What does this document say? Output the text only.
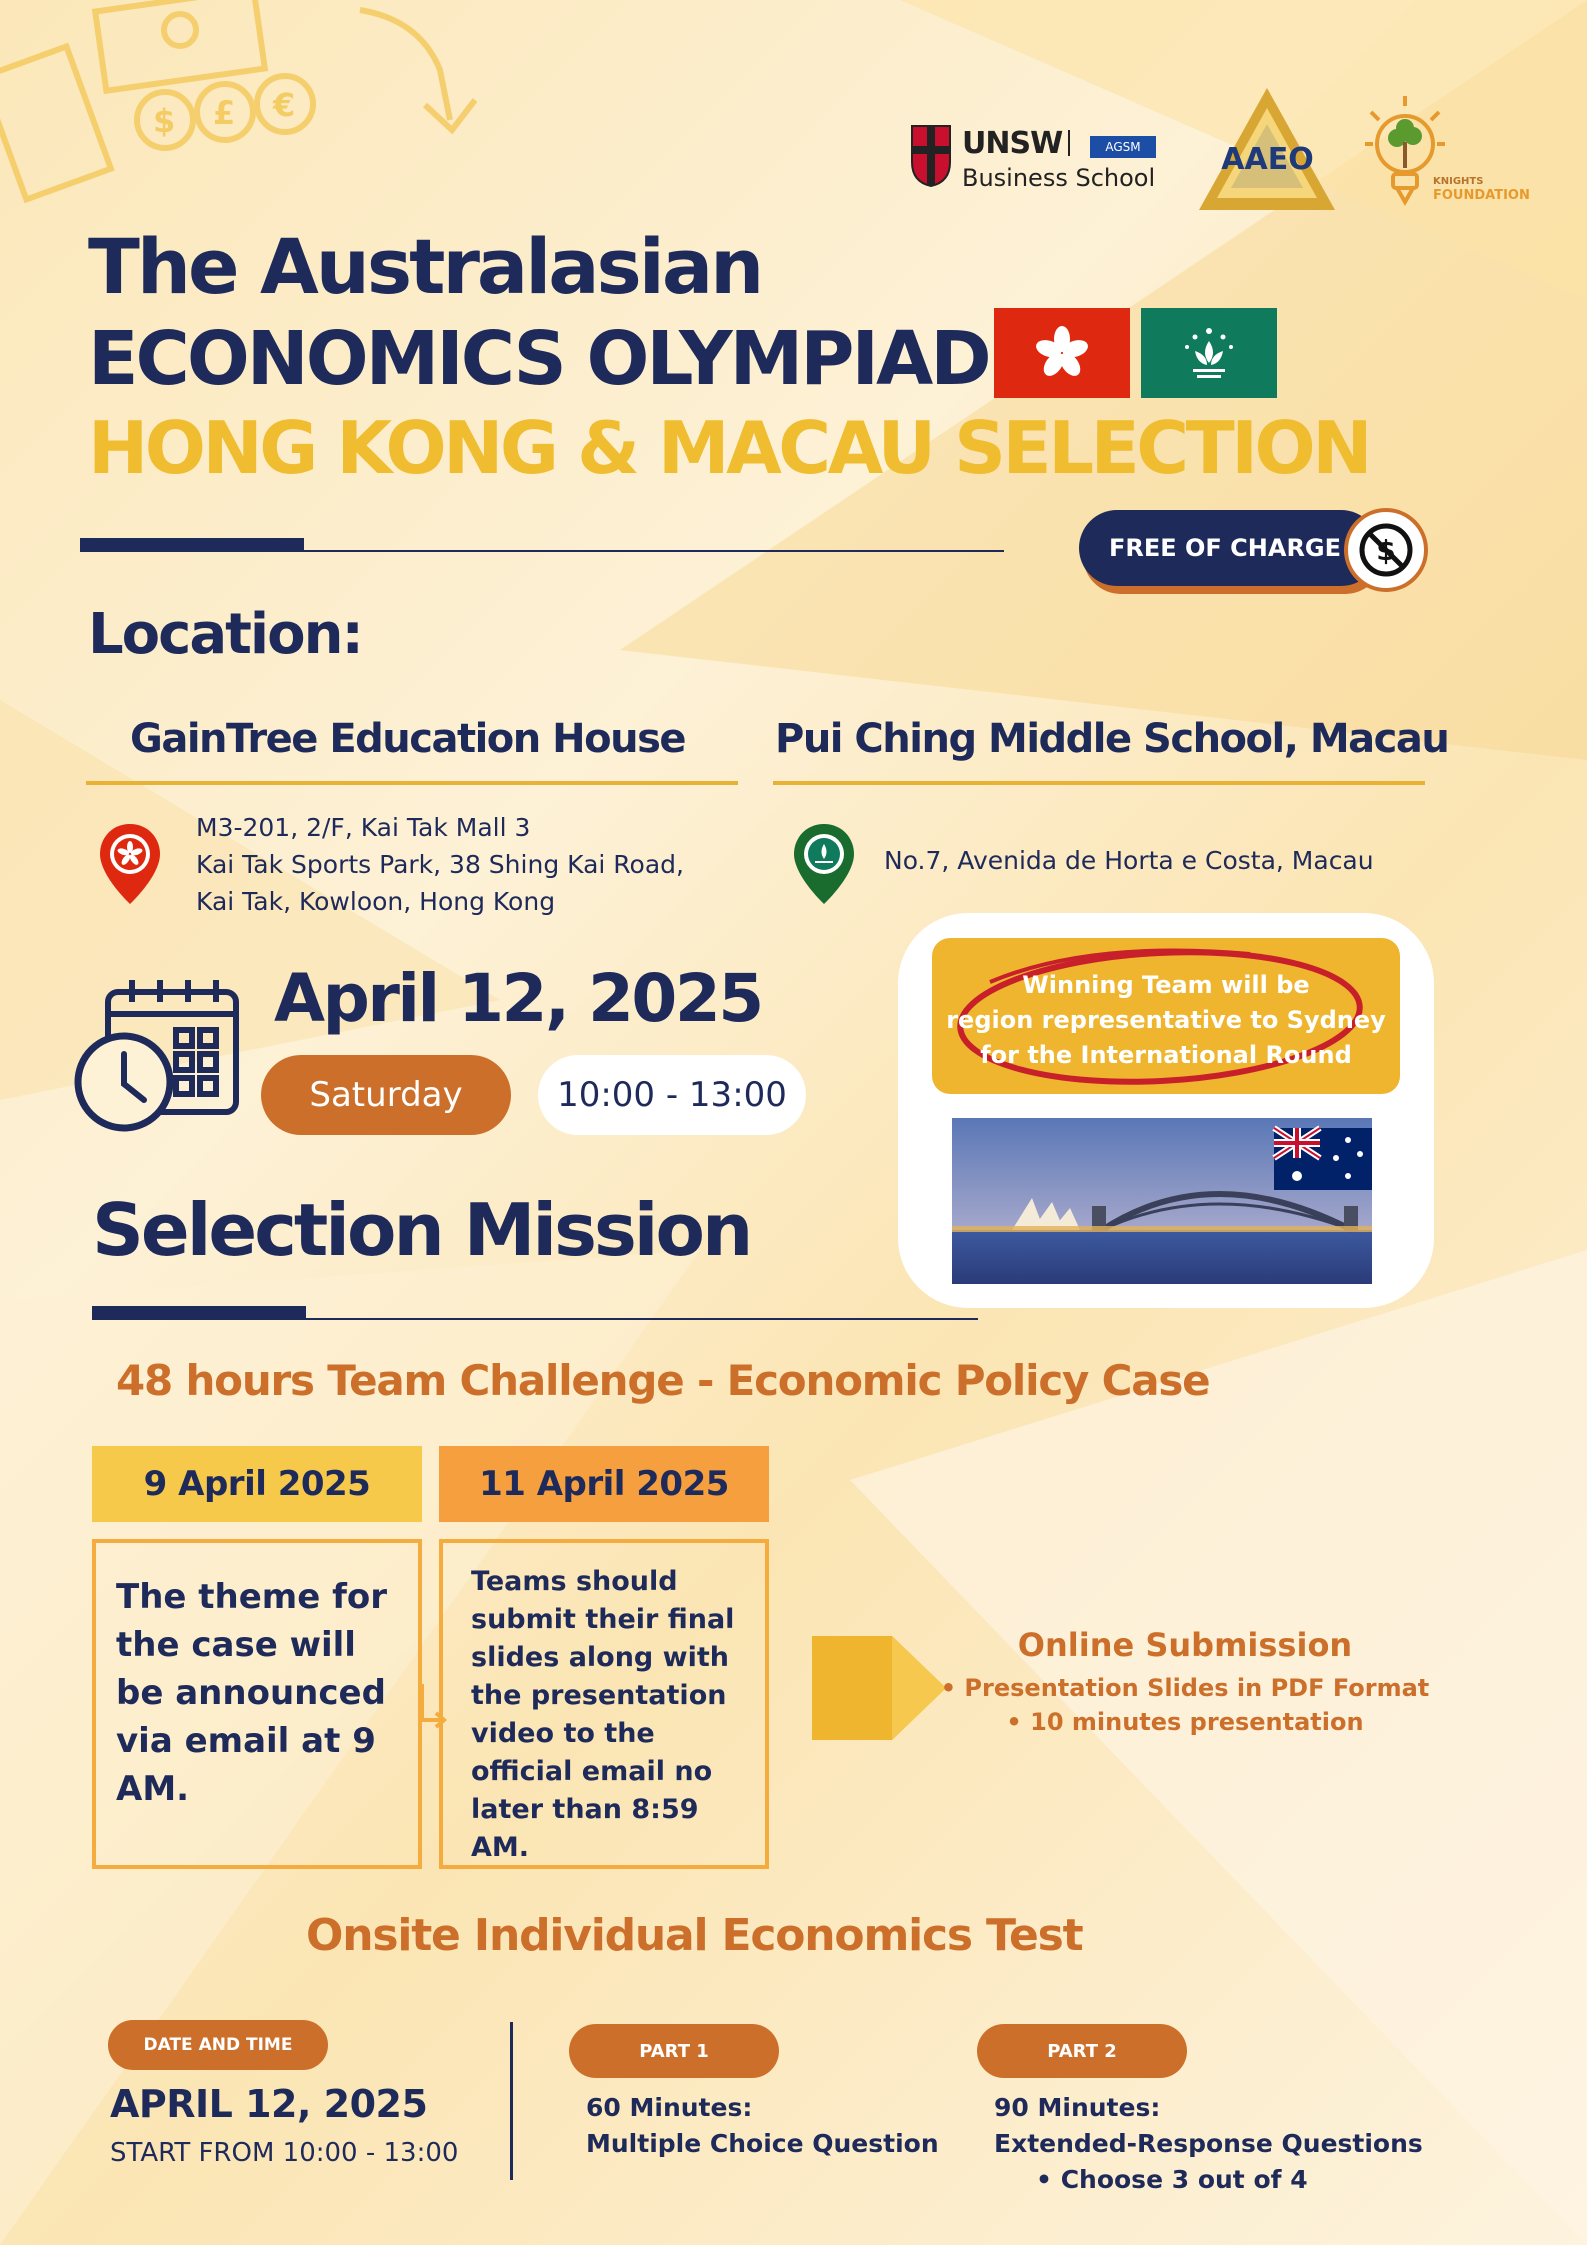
$ £ €
UNSW	AGSM
Business School
AAEO
KNIGHTS
FOUNDATION
The Australasian
ECONOMICS OLYMPIAD
HONG KONG & MACAU SELECTION
FREE OF CHARGE $
Location:
GainTree Education House Pui Ching Middle School, Macau
M3-201, 2/F, Kai Tak Mall 3
Kai Tak Sports Park, 38 Shing Kai Road,
Kai Tak, Kowloon, Hong Kong
No.7, Avenida de Horta e Costa, Macau
April 12, 2025
Saturday	10:00 - 13:00
Winning Team will be
region representative to Sydney
for the International Round
Selection Mission
48 hours Team Challenge - Economic Policy Case
9 April 2025	11 April 2025
The theme for the case will be announced via email at 9 AM.
Teams should submit their final slides along with the presentation video to the official email no later than 8:59 AM.
Online Submission
• Presentation Slides in PDF Format
• 10 minutes presentation
Onsite Individual Economics Test
DATE AND TIME
APRIL 12, 2025
START FROM 10:00 - 13:00
PART 1
60 Minutes:
Multiple Choice Question
PART 2
90 Minutes:
Extended-Response Questions
• Choose 3 out of 4
